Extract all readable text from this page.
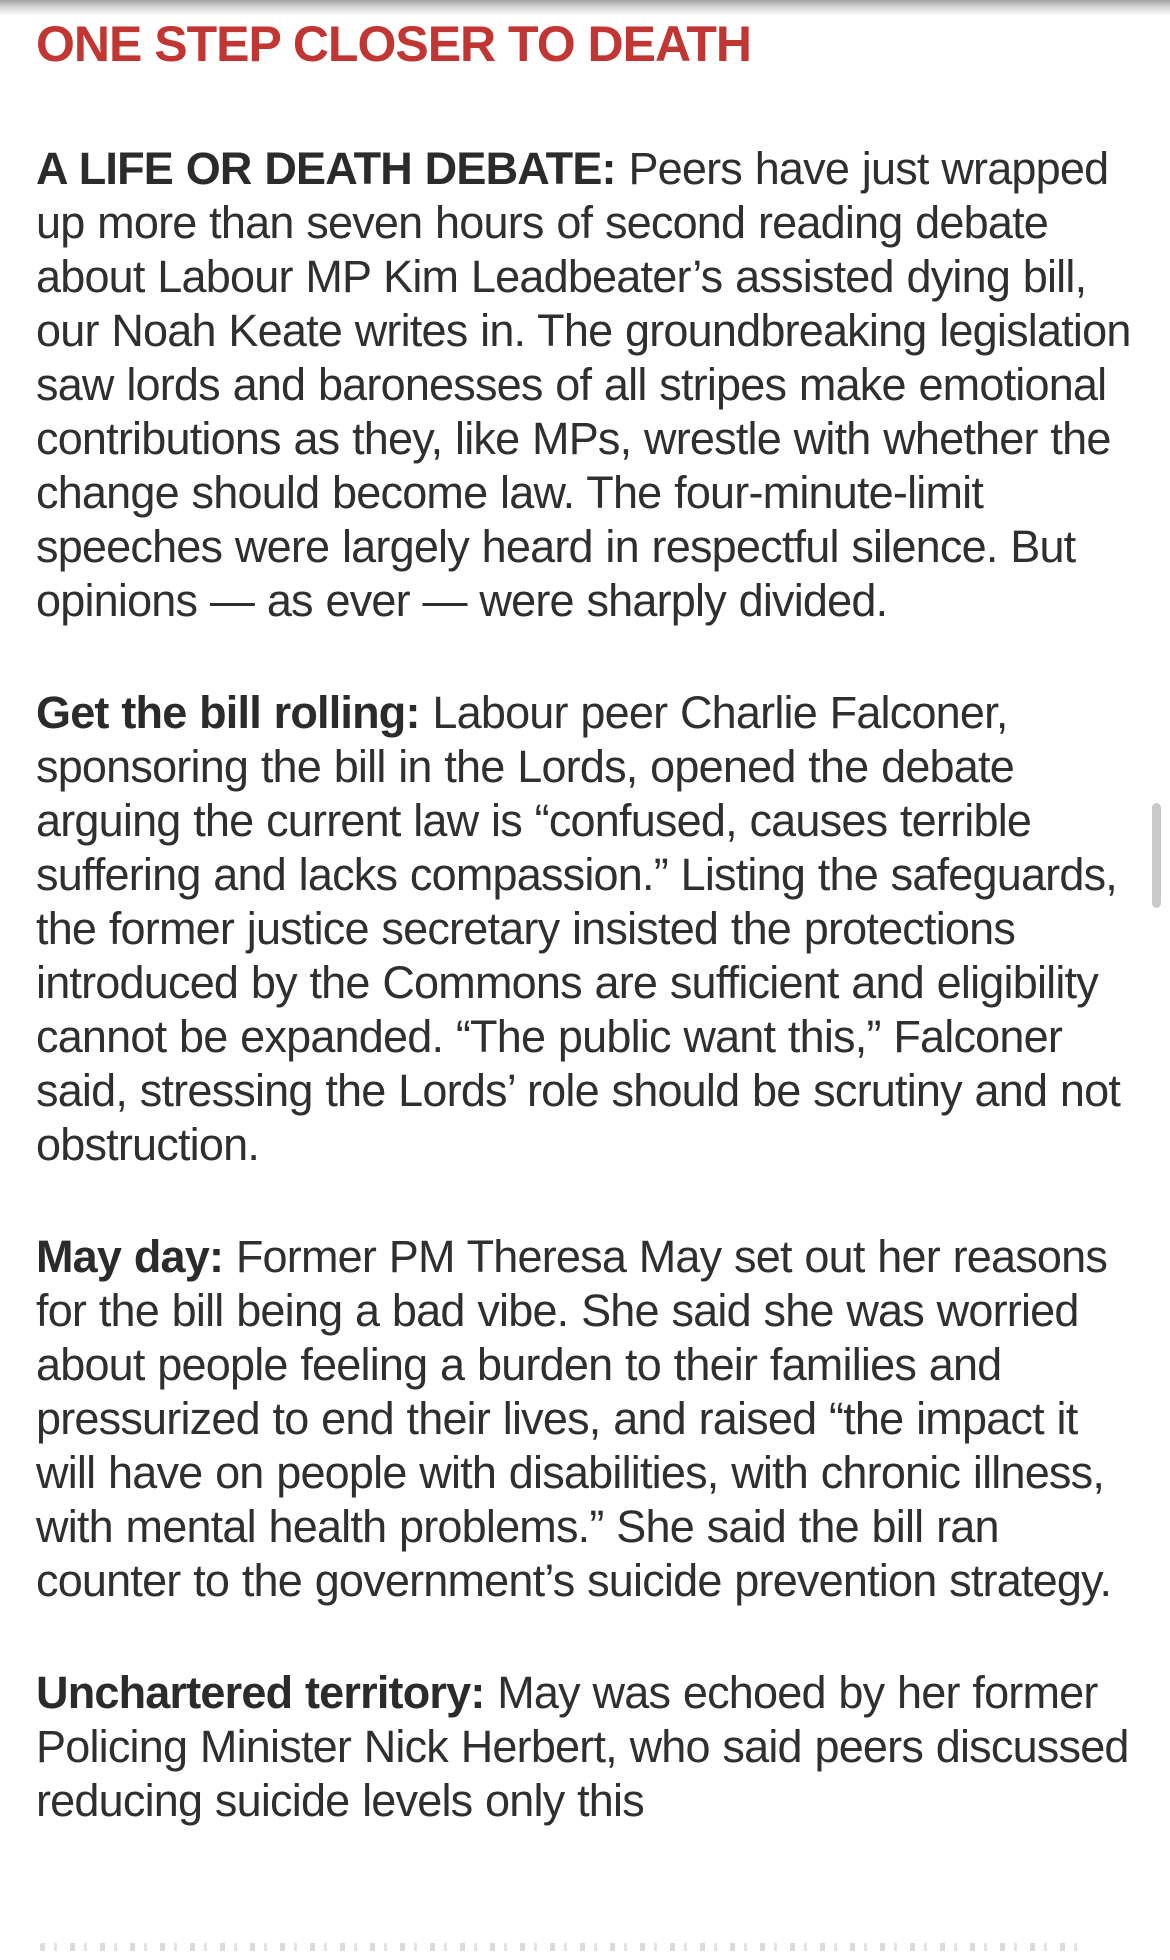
ONE STEP CLOSER TO DEATH

A LIFE OR DEATH DEBATE: Peers have just wrapped up more than seven hours of second reading debate about Labour MP Kim Leadbeater’s assisted dying bill, our Noah Keate writes in. The groundbreaking legislation saw lords and baronesses of all stripes make emotional contributions as they, like MPs, wrestle with whether the change should become law. The four-minute-limit speeches were largely heard in respectful silence. But opinions — as ever — were sharply divided.

Get the bill rolling: Labour peer Charlie Falconer, sponsoring the bill in the Lords, opened the debate arguing the current law is “confused, causes terrible suffering and lacks compassion.” Listing the safeguards, the former justice secretary insisted the protections introduced by the Commons are sufficient and eligibility cannot be expanded. “The public want this,” Falconer said, stressing the Lords’ role should be scrutiny and not obstruction.

May day: Former PM Theresa May set out her reasons for the bill being a bad vibe. She said she was worried about people feeling a burden to their families and pressurized to end their lives, and raised “the impact it will have on people with disabilities, with chronic illness, with mental health problems.” She said the bill ran counter to the government’s suicide prevention strategy.

Unchartered territory: May was echoed by her former Policing Minister Nick Herbert, who said peers discussed reducing suicide levels only this
